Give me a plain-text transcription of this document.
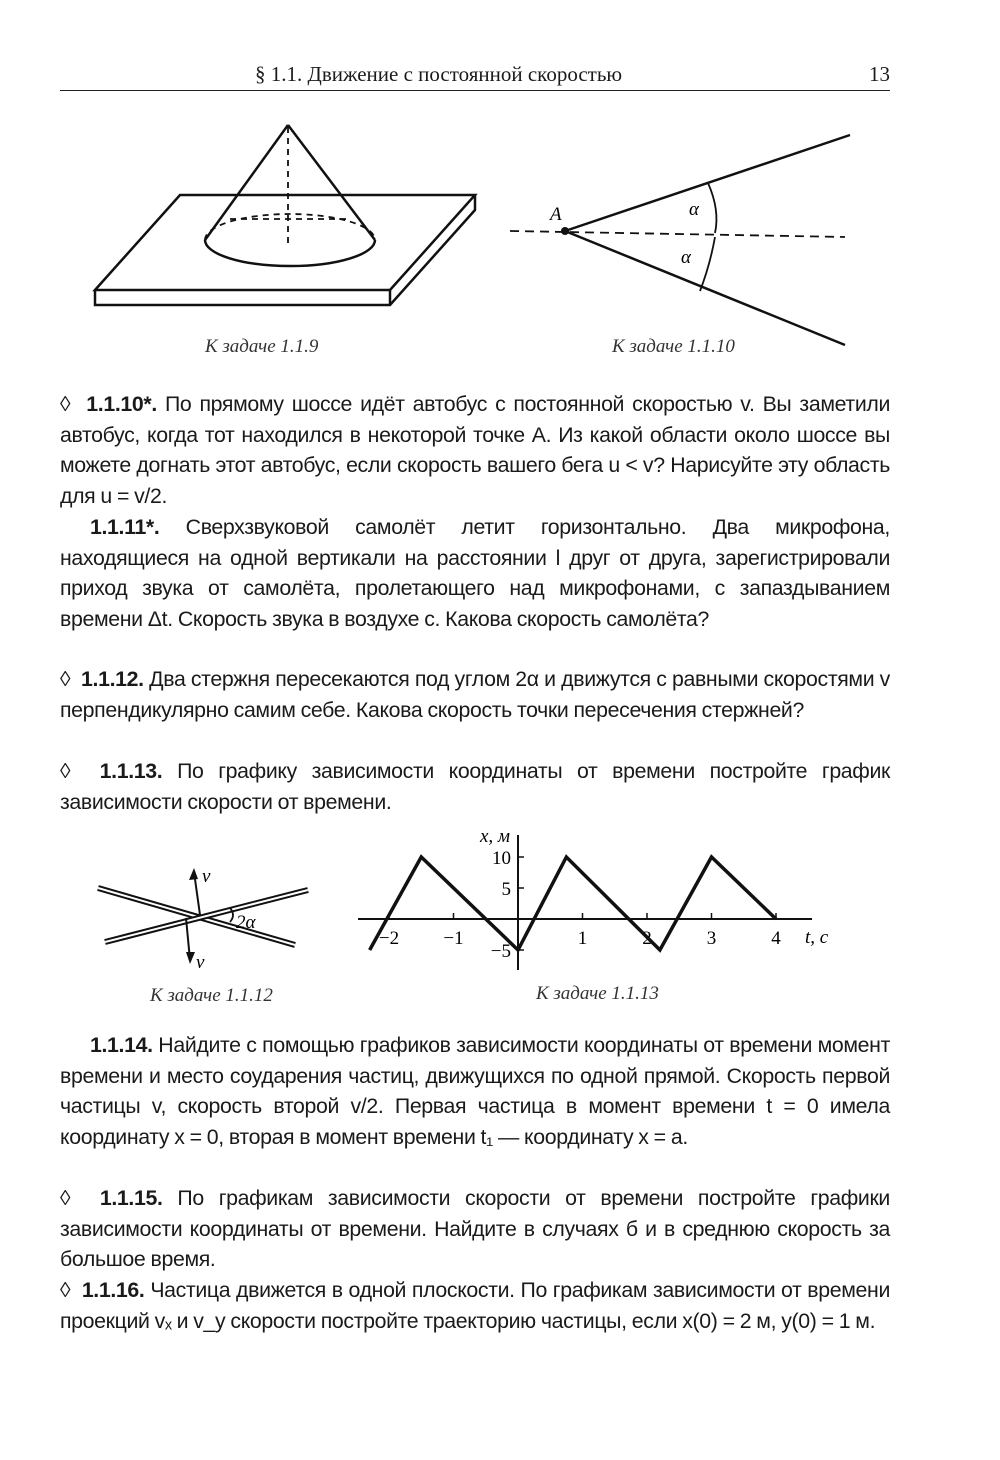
§ 1.1. Движение с постоянной скоростью	13
К задаче 1.1.9
A	α
α
К задаче 1.1.10
◊ 1.1.10*. По прямому шоссе идёт автобус с постоянной скоростью v. Вы заметили автобус, когда тот находился в некоторой точке A. Из какой области около шоссе вы можете догнать этот автобус, если скорость вашего бега u < v? Нарисуйте эту область для u = v/2.
1.1.11*. Сверхзвуковой самолёт летит горизонтально. Два микрофона, находящиеся на одной вертикали на расстоянии l друг от друга, зарегистрировали приход звука от самолёта, пролетающего над микрофонами, с запаздыванием времени Δt. Скорость звука в воздухе c. Какова скорость самолёта?
◊ 1.1.12. Два стержня пересекаются под углом 2α и движутся с равными скоростями v перпендикулярно самим себе. Какова скорость точки пересечения стержней?
◊ 1.1.13. По графику зависимости координаты от времени постройте график зависимости скорости от времени.
v
v
2α
К задаче 1.1.12
−2 −1	1	2	3	4
10
5
−5
x, м
t, с
К задаче 1.1.13
1.1.14. Найдите с помощью графиков зависимости координаты от времени момент времени и место соударения частиц, движущихся по одной прямой. Скорость первой частицы v, скорость второй v/2. Первая частица в момент времени t = 0 имела координату x = 0, вторая в момент времени t₁ — координату x = a.
◊ 1.1.15. По графикам зависимости скорости от времени постройте графики зависимости координаты от времени. Найдите в случаях б и в среднюю скорость за большое время.
◊ 1.1.16. Частица движется в одной плоскости. По графикам зависимости от времени проекций vₓ и v_y скорости постройте траекторию частицы, если x(0) = 2 м, y(0) = 1 м.
